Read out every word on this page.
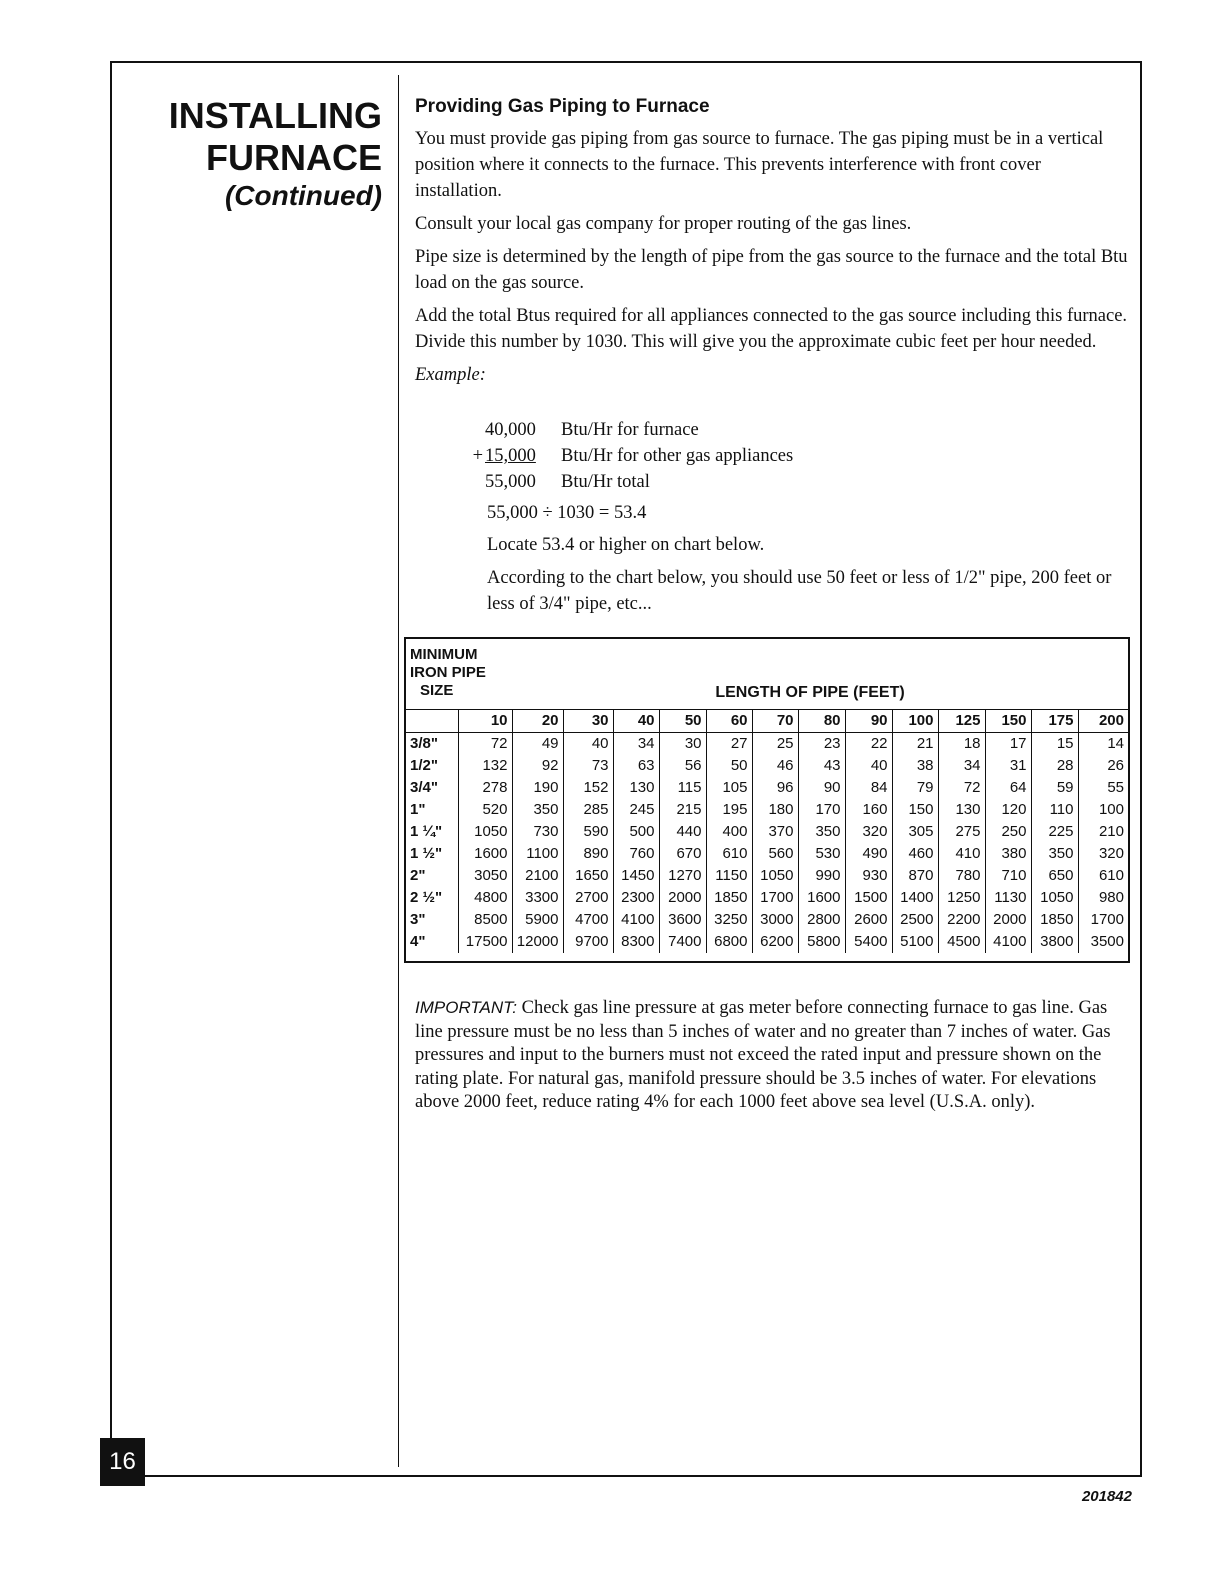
INSTALLING
FURNACE
(Continued)
Providing Gas Piping to Furnace

You must provide gas piping from gas source to furnace. The gas piping must be in a vertical position where it connects to the furnace. This prevents interference with front cover installation.

Consult your local gas company for proper routing of the gas lines.

Pipe size is determined by the length of pipe from the gas source to the furnace and the total Btu load on the gas source.

Add the total Btus required for all appliances connected to the gas source including this furnace. Divide this number by 1030. This will give you the approximate cubic feet per hour needed.

Example:

40,000	Btu/Hr for furnace
+ 15,000	Btu/Hr for other gas appliances
55,000	Btu/Hr total
55,000 ÷ 1030 = 53.4
Locate 53.4 or higher on chart below.
According to the chart below, you should use 50 feet or less of 1/2" pipe, 200 feet or less of 3/4" pipe, etc...
MINIMUM
IRON PIPE
SIZE	LENGTH OF PIPE (FEET)
	10	20	30	40	50	60	70	80	90	100	125	150	175	200
3/8"	72	49	40	34	30	27	25	23	22	21	18	17	15	14
1/2"	132	92	73	63	56	50	46	43	40	38	34	31	28	26
3/4"	278	190	152	130	115	105	96	90	84	79	72	64	59	55
1"	520	350	285	245	215	195	180	170	160	150	130	120	110	100
1 ¼"	1050	730	590	500	440	400	370	350	320	305	275	250	225	210
1 ½"	1600	1100	890	760	670	610	560	530	490	460	410	380	350	320
2"	3050	2100	1650	1450	1270	1150	1050	990	930	870	780	710	650	610
2 ½"	4800	3300	2700	2300	2000	1850	1700	1600	1500	1400	1250	1130	1050	980
3"	8500	5900	4700	4100	3600	3250	3000	2800	2600	2500	2200	2000	1850	1700
4"	17500	12000	9700	8300	7400	6800	6200	5800	5400	5100	4500	4100	3800	3500
IMPORTANT: Check gas line pressure at gas meter before connecting furnace to gas line. Gas line pressure must be no less than 5 inches of water and no greater than 7 inches of water. Gas pressures and input to the burners must not exceed the rated input and pressure shown on the rating plate. For natural gas, manifold pressure should be 3.5 inches of water. For elevations above 2000 feet, reduce rating 4% for each 1000 feet above sea level (U.S.A. only).
16
201842
